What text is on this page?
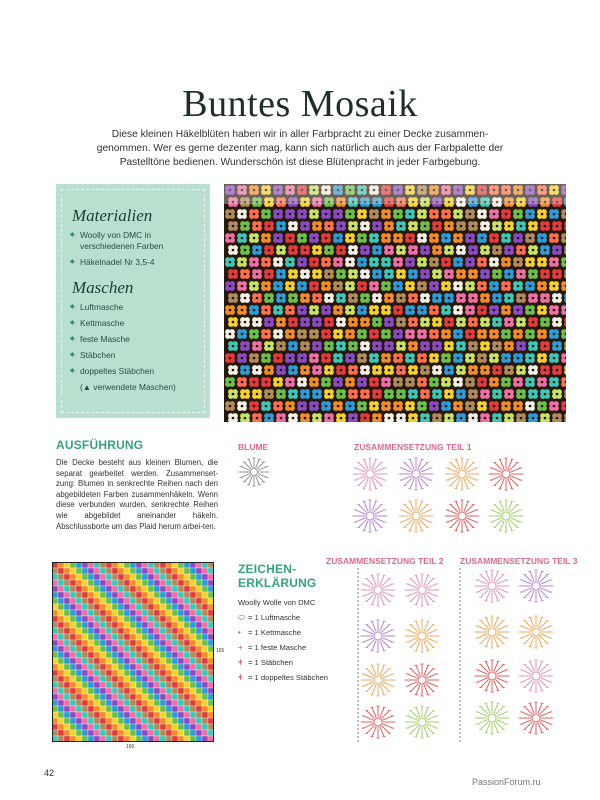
Buntes Mosaik
Diese kleinen Häkelblüten haben wir in aller Farbpracht zu einer Decke zusammen-genommen. Wer es gerne dezenter mag, kann sich natürlich auch aus der Farbpalette der Pastelltöne bedienen. Wunderschön ist diese Blütenpracht in jeder Farbgebung.
Materialien
◆ Woolly von DMC in verschiedenen Farben
◆ Häkelnadel Nr 3,5-4
Maschen
◆ Luftmasche
◆ Kettmasche
◆ feste Masche
◆ Stäbchen
◆ doppeltes Stäbchen
(▲ verwendete Maschen)
AUSFÜHRUNG
Die Decke besteht aus kleinen Blumen, die separat gearbeitet werden. Zusammenset-zung: Blumen in senkrechte Reihen nach den abgebildeten Farben zusammenhäkeln. Wenn diese verbunden wurden, senkrechte Reihen wie abgebildet aneinander häkeln. Abschlussborte um das Plaid herum arbei-ten.
BLUME	ZUSAMMENSETZUNG TEIL 1
ZUSAMMENSETZUNG TEIL 2 ZUSAMMENSETZUNG TEIL 3
ZEICHEN-
ERKLÄRUNG
Woolly Wolle von DMC
⬭ = 1 Luftmasche
• = 1 Kettmasche
+ = 1 feste Masche
ǂ = 1 Stäbchen
ǂ = 1 doppeltes Stäbchen
160
165
42
PassionForum.ru
